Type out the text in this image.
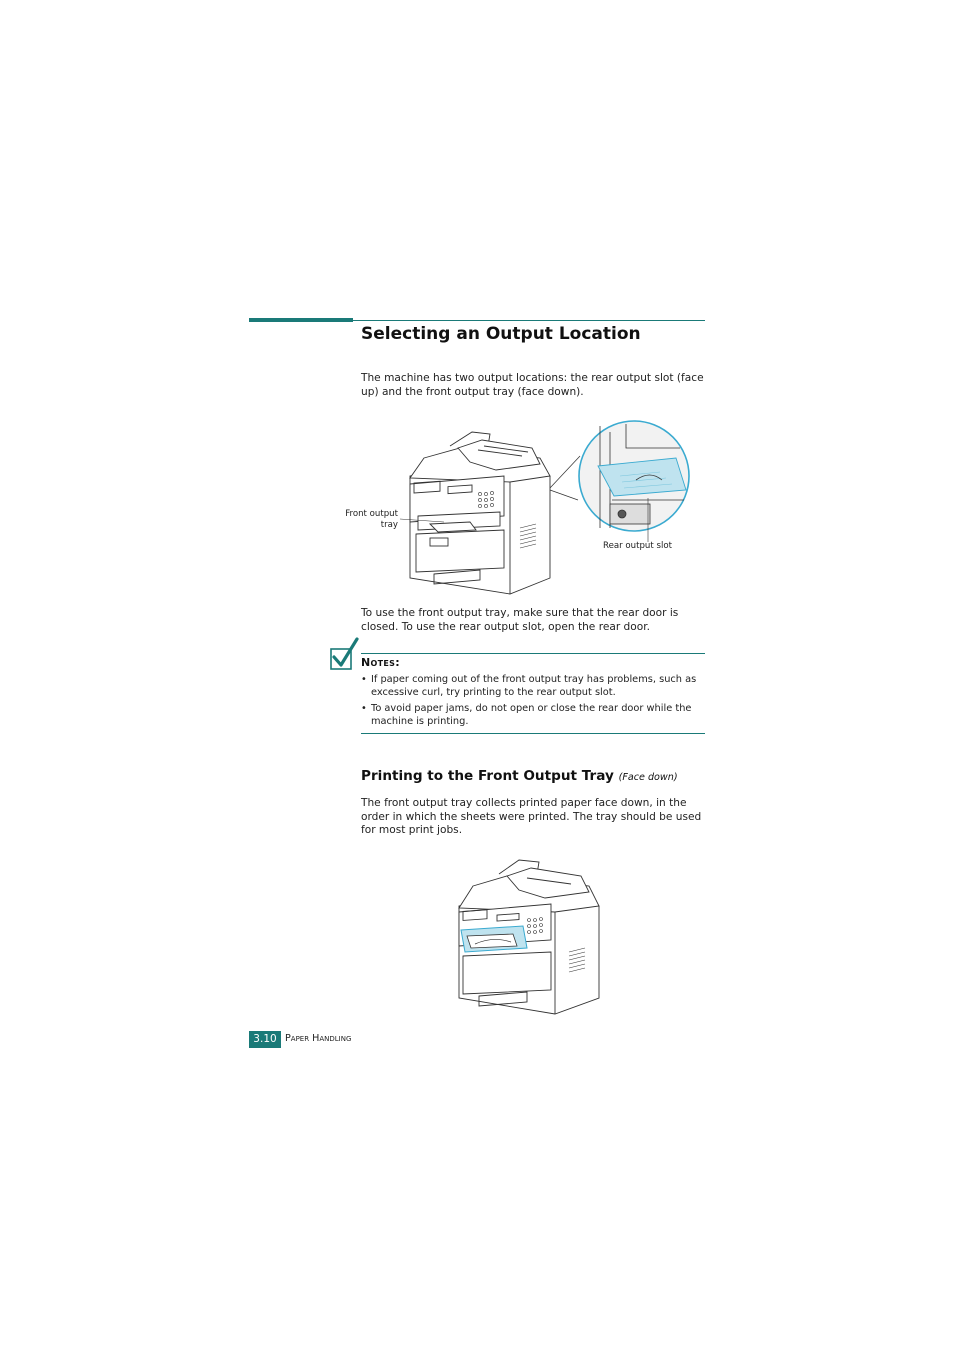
Selecting an Output Location
The machine has two output locations: the rear output slot (face up) and the front output tray (face down).
Front output tray
Rear output slot
To use the front output tray, make sure that the rear door is closed. To use the rear output slot, open the rear door.
Notes:
• If paper coming out of the front output tray has problems, such as excessive curl, try printing to the rear output slot.
• To avoid paper jams, do not open or close the rear door while the machine is printing.
Printing to the Front Output Tray (Face down)
The front output tray collects printed paper face down, in the order in which the sheets were printed. The tray should be used for most print jobs.
3.10 Paper Handling
